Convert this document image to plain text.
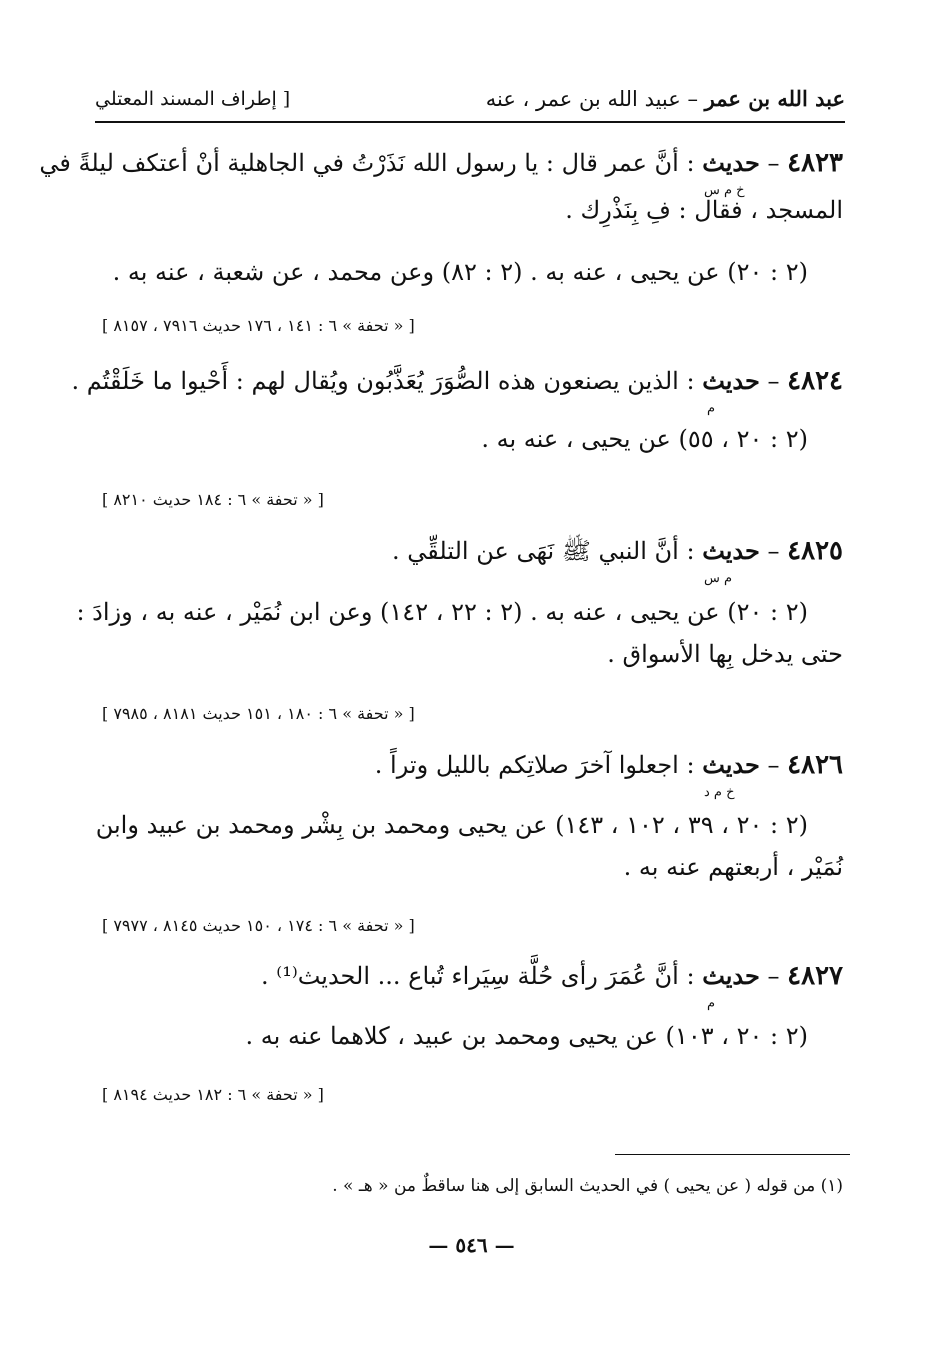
عبد الله بن عمر – عبيد الله بن عمر ، عنه
[ إطراف المسند المعتلي
٤٨٢٣ – حديث : أنَّ عمر قال : يا رسول الله نَذَرْتُ في الجاهلية أنْ أعتكف ليلةً في
خ م س
المسجد ، فقال : فِ بِنَذْرِك .
(٢ : ٢٠) عن يحيى ، عنه به . (٢ : ٨٢) وعن محمد ، عن شعبة ، عنه به .
[ « تحفة » ٦ : ١٤١ ، ١٧٦ حديث ٧٩١٦ ، ٨١٥٧ ]
٤٨٢٤ – حديث : الذين يصنعون هذه الصُّوَرَ يُعَذَّبُون ويُقال لهم : أَحْيوا ما خَلَقْتُم .
م
(٢ : ٢٠ ، ٥٥) عن يحيى ، عنه به .
[ « تحفة » ٦ : ١٨٤ حديث ٨٢١٠ ]
٤٨٢٥ – حديث : أنَّ النبي ﷺ نَهَى عن التلقِّي .
م س
(٢ : ٢٠) عن يحيى ، عنه به . (٢ : ٢٢ ، ١٤٢) وعن ابن نُمَيْر ، عنه به ، وزادَ :
حتى يدخل بِها الأسواق .
[ « تحفة » ٦ : ١٨٠ ، ١٥١ حديث ٨١٨١ ، ٧٩٨٥ ]
٤٨٢٦ – حديث : اجعلوا آخرَ صلاتِكم بالليل وتراً .
خ م د
(٢ : ٢٠ ، ٣٩ ، ١٠٢ ، ١٤٣) عن يحيى ومحمد بن بِشْر ومحمد بن عبيد وابن
نُمَيْر ، أربعتهم عنه به .
[ « تحفة » ٦ : ١٧٤ ، ١٥٠ حديث ٨١٤٥ ، ٧٩٧٧ ]
٤٨٢٧ – حديث : أنَّ عُمَرَ رأى حُلَّة سِيَراء تُباع ... الحديث⁽¹⁾ .
م
(٢ : ٢٠ ، ١٠٣) عن يحيى ومحمد بن عبيد ، كلاهما عنه به .
[ « تحفة » ٦ : ١٨٢ حديث ٨١٩٤ ]
(١) من قوله ( عن يحيى ) في الحديث السابق إلى هنا ساقطٌ من « هـ » .
— ٥٤٦ —
